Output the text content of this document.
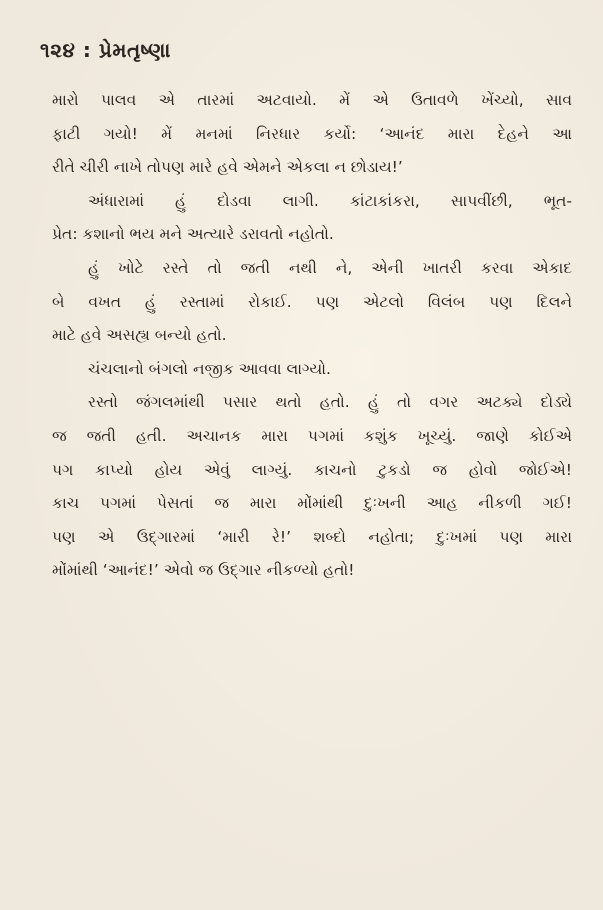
૧૨૪ : પ્રેમતૃષ્ણા
મારો પાલવ એ તારમાં અટવાયો. મેં એ ઉતાવળે ખેંચ્યો, સાવ
ફાટી ગયો! મેં મનમાં નિરધાર કર્યો: ‘આનંદ મારા દેહને આ
રીતે ચીરી નાખે તોપણ મારે હવે એમને એકલા ન છોડાય!’
અંધારામાં હું દોડવા લાગી. કાંટાકાંકરા, સાપવીંછી, ભૂત-
પ્રેત: કશાનો ભય મને અત્યારે ડરાવતો નહોતો.
હું ખોટે રસ્તે તો જતી નથી ને, એની ખાતરી કરવા એકાદ
બે વખત હું રસ્તામાં રોકાઈ. પણ એટલો વિલંબ પણ દિલને
માટે હવે અસહ્ય બન્યો હતો.
ચંચલાનો બંગલો નજીક આવવા લાગ્યો.
રસ્તો જંગલમાંથી પસાર થતો હતો. હું તો વગર અટક્યે દોડ્યે
જ જતી હતી. અચાનક મારા પગમાં કશુંક ખૂચ્યું. જાણે કોઈએ
પગ કાપ્યો હોય એવું લાગ્યું. કાચનો ટુકડો જ હોવો જોઈએ!
કાચ પગમાં પેસતાં જ મારા મોંમાંથી દુઃખની આહ નીકળી ગઈ!
પણ એ ઉદ્ગારમાં ‘મારી રે!’ શબ્દો નહોતા; દુઃખમાં પણ મારા
મોંમાંથી ‘આનંદ!’ એવો જ ઉદ્ગાર નીકળ્યો હતો!
